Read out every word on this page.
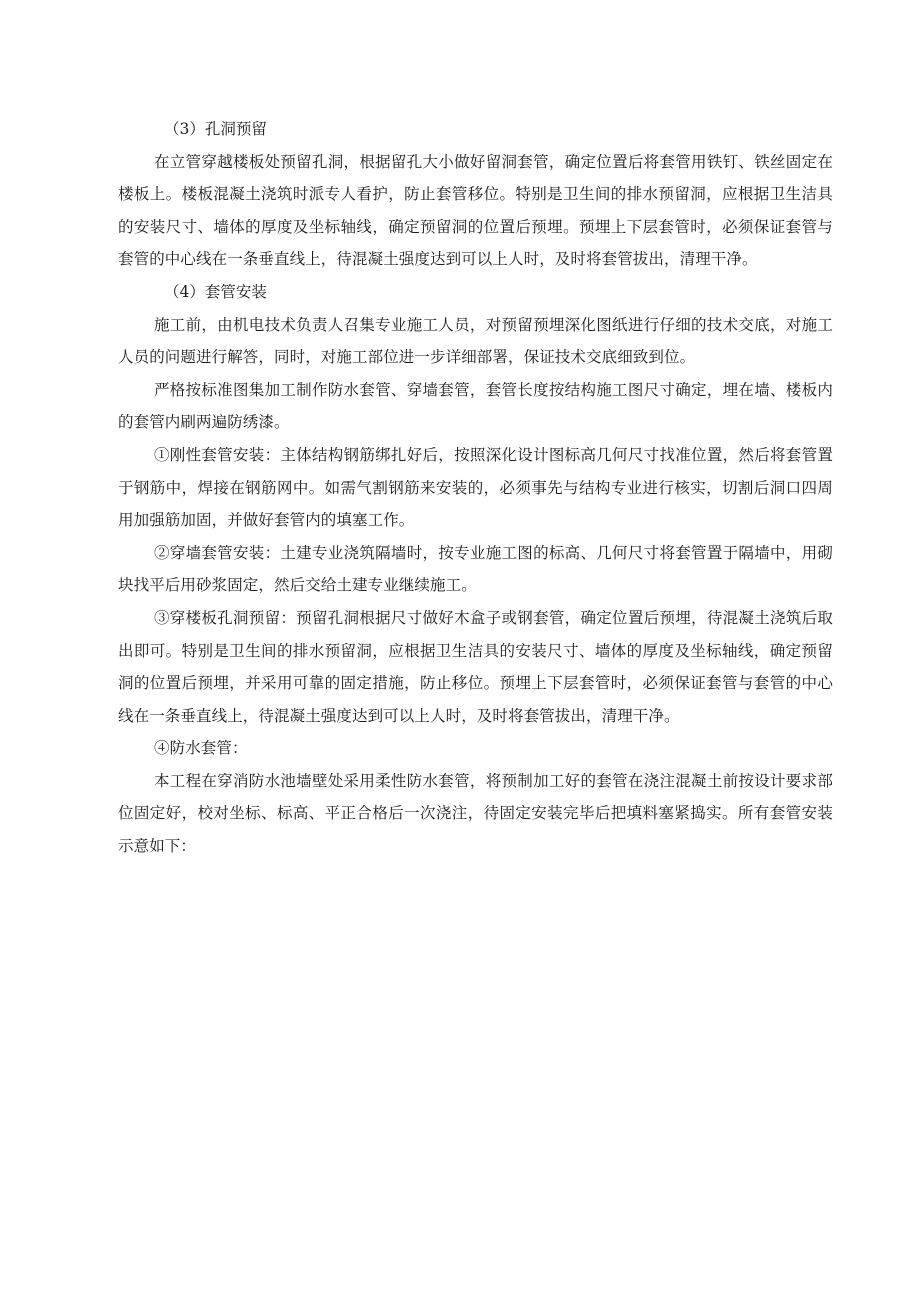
（3）孔洞预留

在立管穿越楼板处预留孔洞，根据留孔大小做好留洞套管，确定位置后将套管用铁钉、铁丝固定在楼板上。楼板混凝土浇筑时派专人看护，防止套管移位。特别是卫生间的排水预留洞，应根据卫生洁具的安装尺寸、墙体的厚度及坐标轴线，确定预留洞的位置后预埋。预埋上下层套管时，必须保证套管与套管的中心线在一条垂直线上，待混凝土强度达到可以上人时，及时将套管拔出，清理干净。

（4）套管安装

施工前，由机电技术负责人召集专业施工人员，对预留预埋深化图纸进行仔细的技术交底，对施工人员的问题进行解答，同时，对施工部位进一步详细部署，保证技术交底细致到位。

严格按标准图集加工制作防水套管、穿墙套管，套管长度按结构施工图尺寸确定，埋在墙、楼板内的套管内刷两遍防绣漆。

①刚性套管安装：主体结构钢筋绑扎好后，按照深化设计图标高几何尺寸找准位置，然后将套管置于钢筋中，焊接在钢筋网中。如需气割钢筋来安装的，必须事先与结构专业进行核实，切割后洞口四周用加强筋加固，并做好套管内的填塞工作。

②穿墙套管安装：土建专业浇筑隔墙时，按专业施工图的标高、几何尺寸将套管置于隔墙中，用砌块找平后用砂浆固定，然后交给土建专业继续施工。

③穿楼板孔洞预留：预留孔洞根据尺寸做好木盒子或钢套管，确定位置后预埋，待混凝土浇筑后取出即可。特别是卫生间的排水预留洞，应根据卫生洁具的安装尺寸、墙体的厚度及坐标轴线，确定预留洞的位置后预埋，并采用可靠的固定措施，防止移位。预埋上下层套管时，必须保证套管与套管的中心线在一条垂直线上，待混凝土强度达到可以上人时，及时将套管拔出，清理干净。

④防水套管：

本工程在穿消防水池墙壁处采用柔性防水套管，将预制加工好的套管在浇注混凝土前按设计要求部位固定好，校对坐标、标高、平正合格后一次浇注，待固定安装完毕后把填料塞紧捣实。所有套管安装示意如下：
